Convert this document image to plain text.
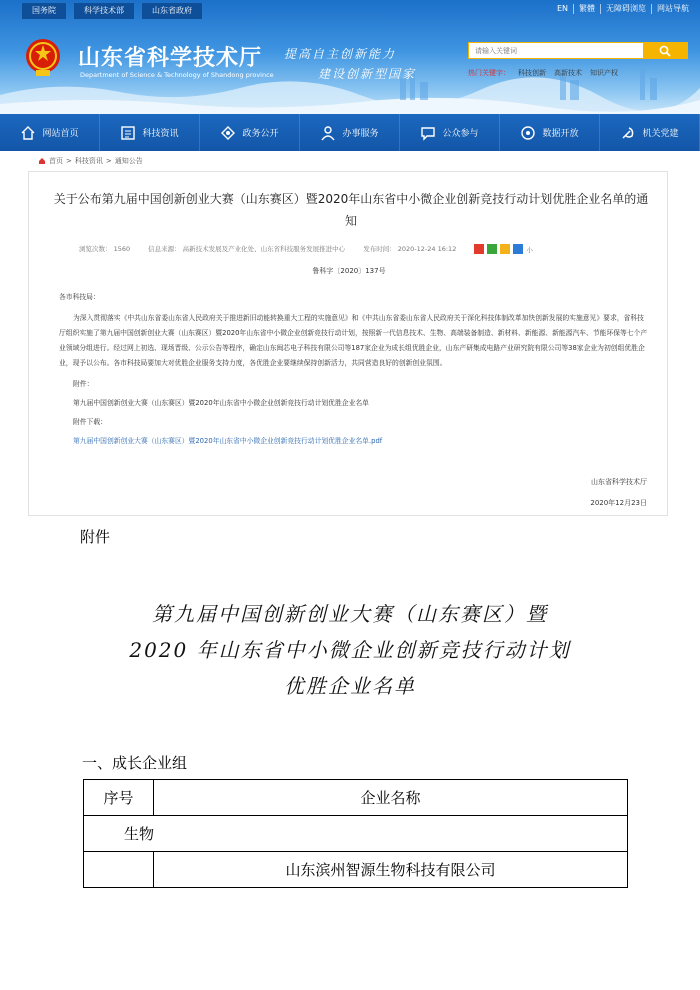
国务院	科学技术部	山东省政府	EN	繁體	无障碍浏览	网站导航
山东省科学技术厅
Department of Science & Technology of Shandong province
提高自主创新能力
建设创新型国家
请输入关键词	热门关键字： 科技创新 高新技术 知识产权
网站首页	科技资讯	政务公开	办事服务	公众参与	数据开放	机关党建
首页 > 科技资讯 > 通知公告
关于公布第九届中国创新创业大赛（山东赛区）暨2020年山东省中小微企业创新竞技行动计划优胜企业名单的通知
浏览次数： 1560	信息来源： 高新技术发展及产业化处、山东省科技服务发展推进中心	发布时间： 2020-12-24 16:12	小
鲁科字〔2020〕137号

各市科技局：

为深入贯彻落实《中共山东省委山东省人民政府关于推进新旧动能转换重大工程的实施意见》和《中共山东省委山东省人民政府关于深化科技体制改革加快创新发展的实施意见》要求，省科技厅组织实施了第九届中国创新创业大赛（山东赛区）暨2020年山东省中小微企业创新竞技行动计划，按照新一代信息技术、生物、高端装备制造、新材料、新能源、新能源汽车、节能环保等七个产业领域分组进行。经过网上初选、现场晋级、公示公告等程序，确定山东闽芯电子科技有限公司等187家企业为成长组优胜企业，山东产研集成电路产业研究院有限公司等38家企业为初创组优胜企业，现予以公布。各市科技局要加大对优胜企业服务支持力度，各优胜企业要继续保持创新活力，共同营造良好的创新创业氛围。

附件：

第九届中国创新创业大赛（山东赛区）暨2020年山东省中小微企业创新竞技行动计划优胜企业名单

附件下载：

第九届中国创新创业大赛（山东赛区）暨2020年山东省中小微企业创新竞技行动计划优胜企业名单.pdf

山东省科学技术厅
2020年12月23日
附件
第九届中国创新创业大赛（山东赛区）暨
2020 年山东省中小微企业创新竞技行动计划
优胜企业名单
一、成长企业组
序号	企业名称
生物	
	山东滨州智源生物科技有限公司
